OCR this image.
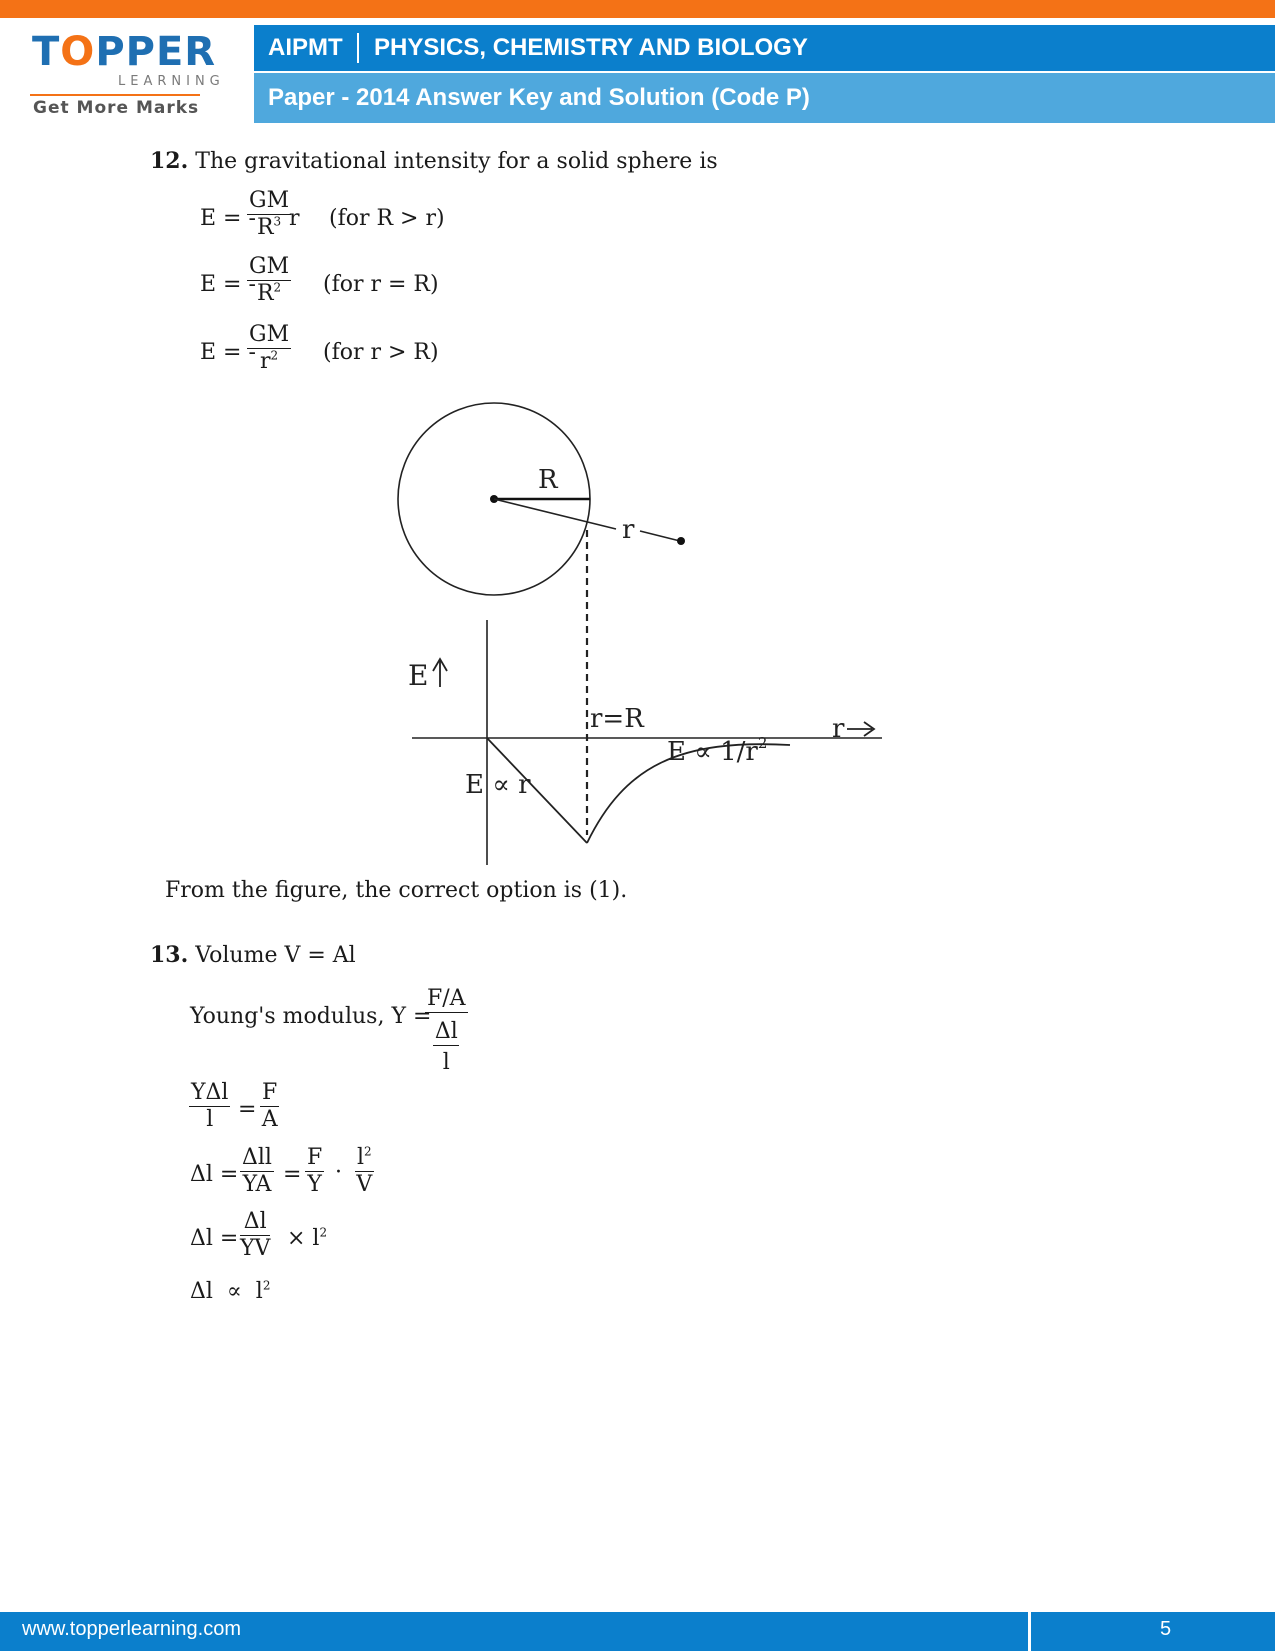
TOPPER
LEARNING
Get More Marks
AIPMT PHYSICS, CHEMISTRY AND BIOLOGY
Paper - 2014 Answer Key and Solution (Code P)
12. The gravitational intensity for a solid sphere is
E = -
$\frac{GM}{R^3}$
r (for R > r)
E = -
$\frac{GM}{R^2} (for$ r = R)
E = -
$\frac{GM}{r^2} (for$ r > R)
R
r
E
r=R	r
E ∝ r
$E \propto 1/r^2$
From the figure, the correct option is (1).
13. Volume V = Al
Young's modulus, Y =
F/A
Δl
l
YΔl
l	= $\frac{F}{A}$
Δl =
Δll
YA = $\frac{F}{Y} \cdot \frac{l^2}{V}$
$\Delta l = \frac{\Delta l}{YV} \times l^2$
$\Delta l \propto l^2$
www.topperlearning.com	5
